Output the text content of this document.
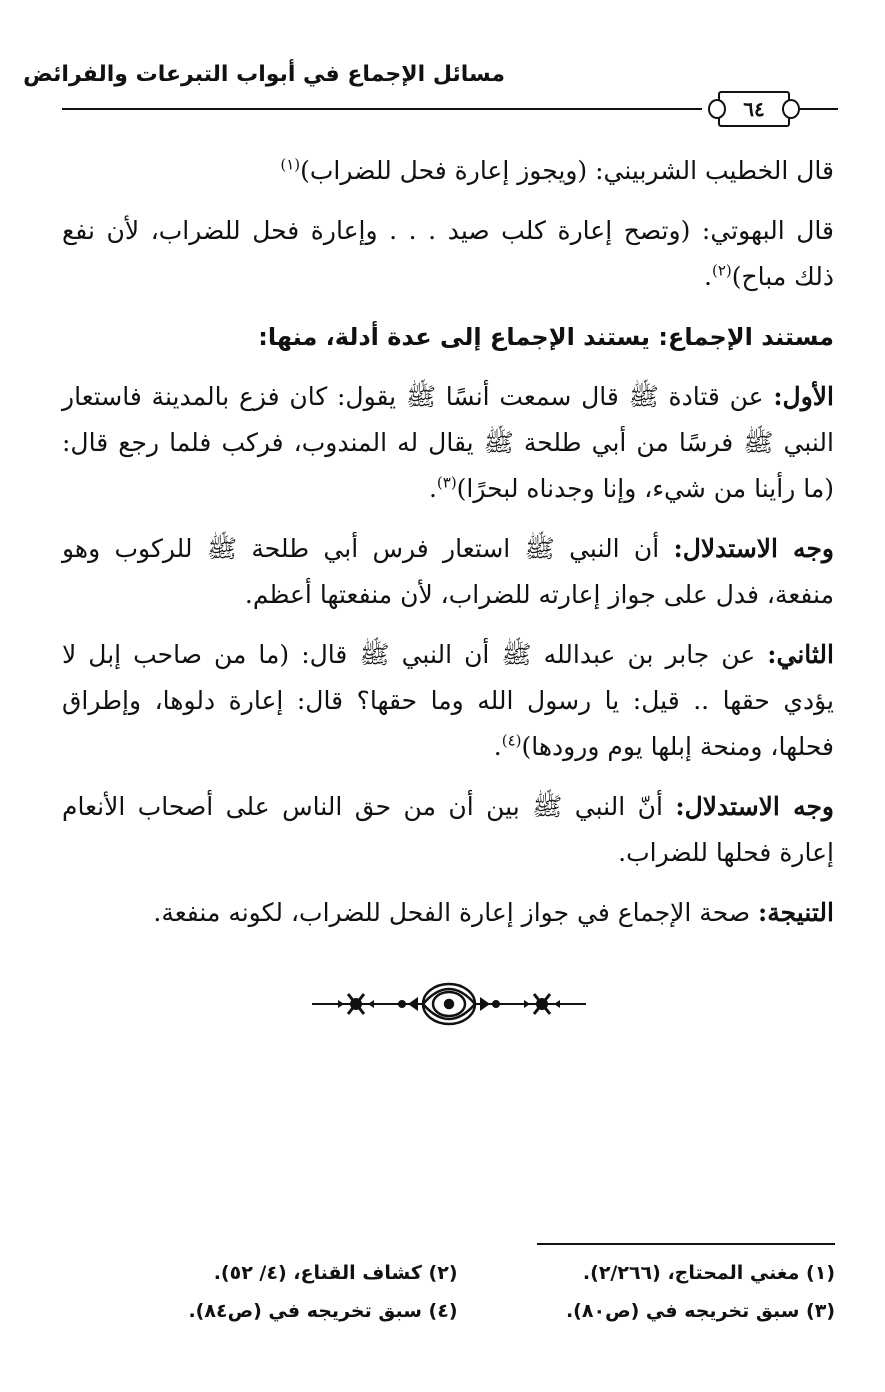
مسائل الإجماع في أبواب التبرعات والفرائض
٦٤

قال الخطيب الشربيني: (ويجوز إعارة فحل للضراب)$^{(١)}$

قال البهوتي: (وتصح إعارة كلب صيد . . . وإعارة فحل للضراب، لأن نفع ذلك مباح)$^{(٢)}$.

مستند الإجماع: يستند الإجماع إلى عدة أدلة، منها:

الأول: عن قتادة ﷺ قال سمعت أنسًا ﷺ يقول: كان فزع بالمدينة فاستعار النبي ﷺ فرسًا من أبي طلحة ﷺ يقال له المندوب، فركب فلما رجع قال: (ما رأينا من شيء، وإنا وجدناه لبحرًا)$^{(٣)}$.

وجه الاستدلال: أن النبي ﷺ استعار فرس أبي طلحة ﷺ للركوب وهو منفعة، فدل على جواز إعارته للضراب، لأن منفعتها أعظم.

الثاني: عن جابر بن عبدالله ﷺ أن النبي ﷺ قال: (ما من صاحب إبل لا يؤدي حقها .. قيل: يا رسول الله وما حقها؟ قال: إعارة دلوها، وإطراق فحلها، ومنحة إبلها يوم ورودها)$^{(٤)}$.

وجه الاستدلال: أنّ النبي ﷺ بين أن من حق الناس على أصحاب الأنعام إعارة فحلها للضراب.

التنيجة: صحة الإجماع في جواز إعارة الفحل للضراب، لكونه منفعة.

(١) مغني المحتاج، (٢/٢٦٦).
(٢) كشاف القناع، (٤/ ٥٢).
(٣) سبق تخريجه في (ص٨٠).
(٤) سبق تخريجه في (ص٨٤).
